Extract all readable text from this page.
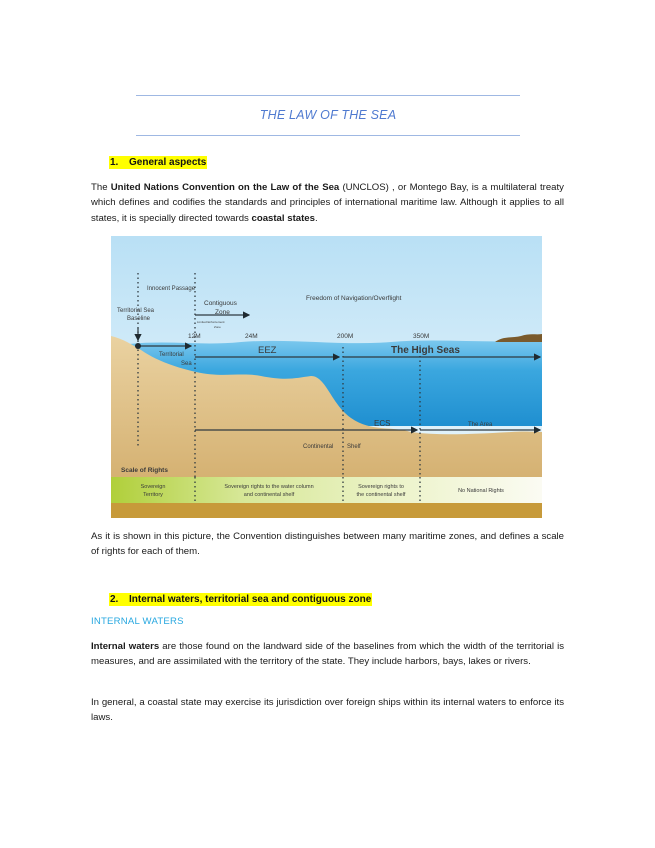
THE LAW OF THE SEA
1. General aspects
The United Nations Convention on the Law of the Sea (UNCLOS) , or Montego Bay, is a multilateral treaty which defines and codifies the standards and principles of international maritime law. Although it applies to all states, it is specially directed towards coastal states.
Innocent Passage
Territorial Sea
Baseline
Contiguous
Zone
Limited Enforcement
Zone
Freedom of Navigation/Overflight
12M	24M	200M	350M
Territorial
Sea
EEZ	The High Seas
ECS	The Area
Continental Shelf
Scale of Rights
Sovereign
Territory
Sovereign rights to the water column
and continental shelf
Sovereign rights to
the continental shelf
No National Rights
As it is shown in this picture, the Convention distinguishes between many maritime zones, and defines a scale of rights for each of them.
2. Internal waters, territorial sea and contiguous zone
INTERNAL WATERS
Internal waters are those found on the landward side of the baselines from which the width of the territorial is measures, and are assimilated with the territory of the state. They include harbors, bays, lakes or rivers.
In general, a coastal state may exercise its jurisdiction over foreign ships within its internal waters to enforce its laws.
